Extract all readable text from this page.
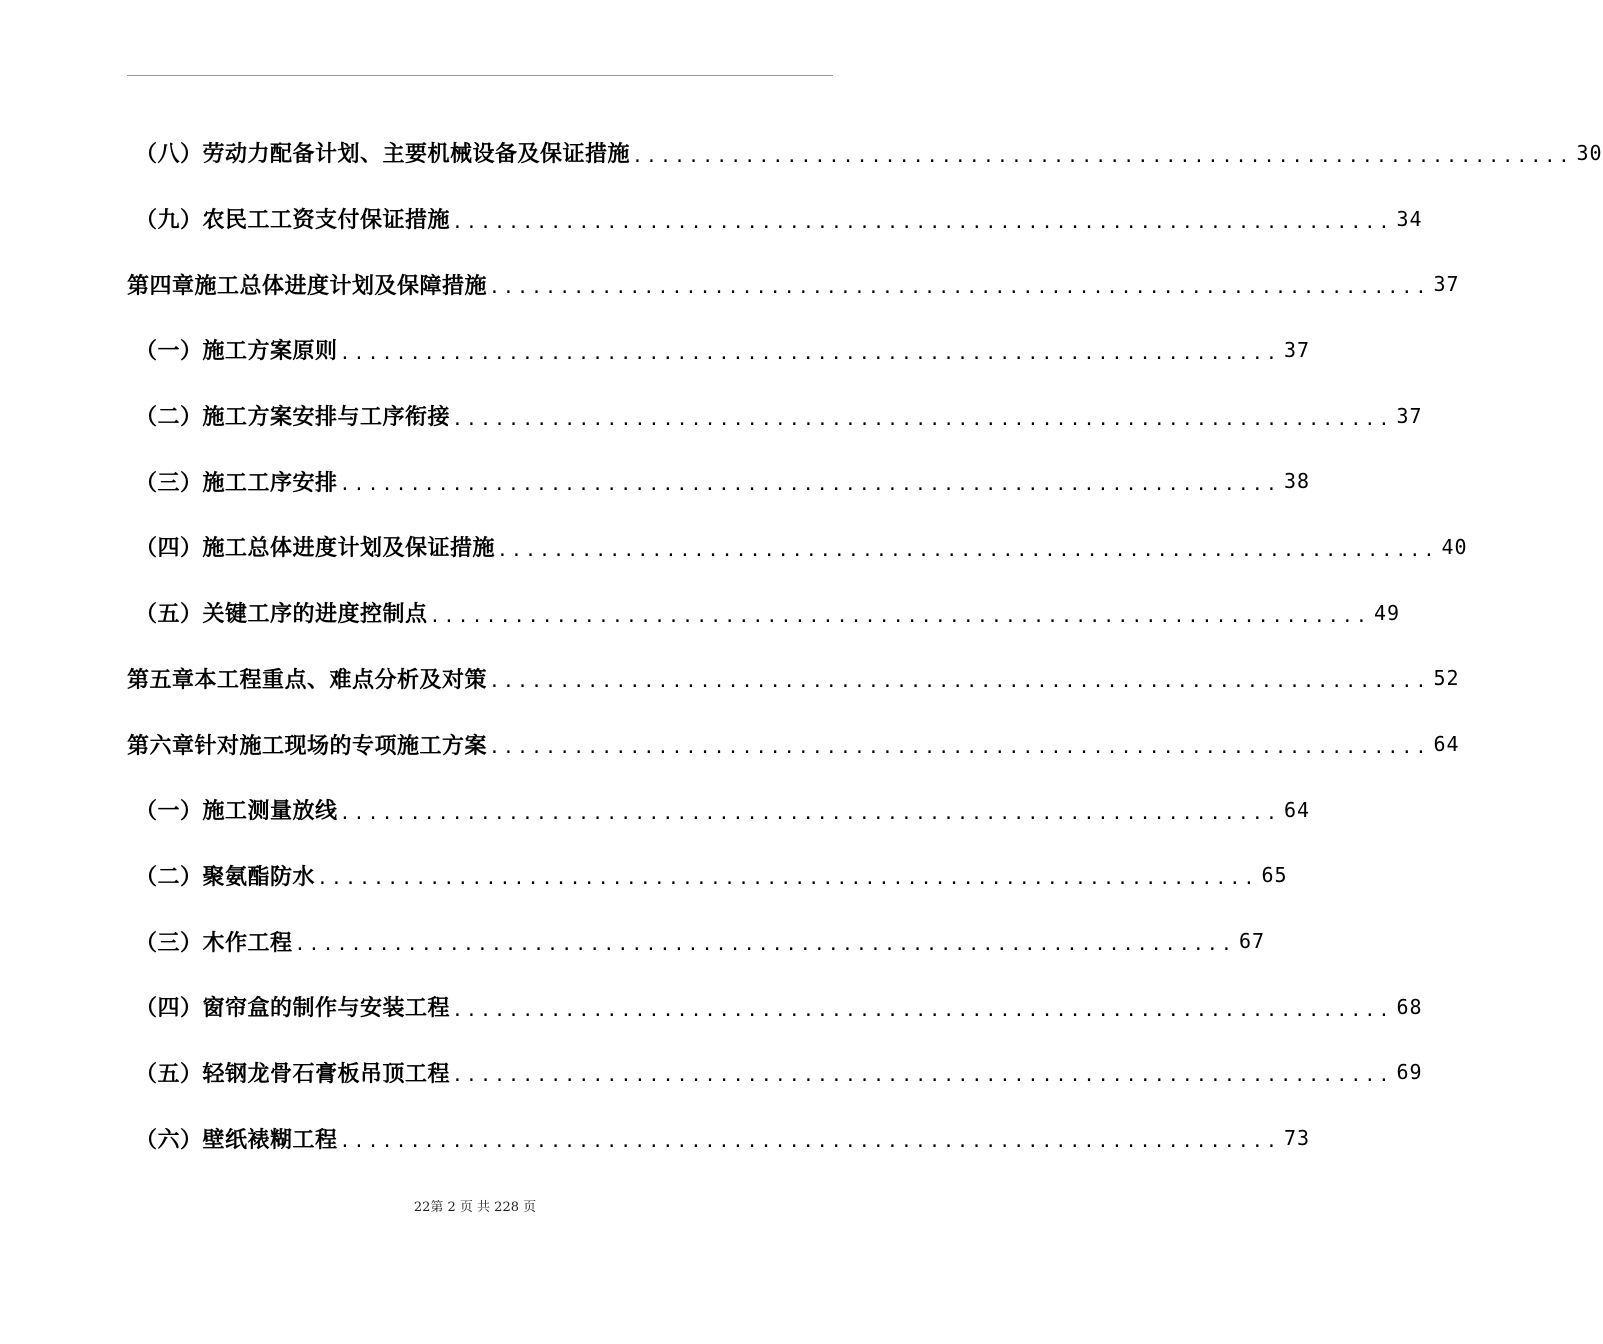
（八）劳动力配备计划、主要机械设备及保证措施 ................................................................... 30
（九）农民工工资支付保证措施 ................................................................... 34
第四章施工总体进度计划及保障措施 ................................................................... 37
（一）施工方案原则 ................................................................... 37
（二）施工方案安排与工序衔接 ................................................................... 37
（三）施工工序安排 ................................................................... 38
（四）施工总体进度计划及保证措施 ................................................................... 40
（五）关键工序的进度控制点 ................................................................... 49
第五章本工程重点、难点分析及对策 ................................................................... 52
第六章针对施工现场的专项施工方案 ................................................................... 64
（一）施工测量放线 ................................................................... 64
（二）聚氨酯防水 ................................................................... 65
（三）木作工程 ................................................................... 67
（四）窗帘盒的制作与安装工程 ................................................................... 68
（五）轻钢龙骨石膏板吊顶工程 ................................................................... 69
（六）壁纸裱糊工程 ................................................................... 73
22第 2 页 共 228 页
